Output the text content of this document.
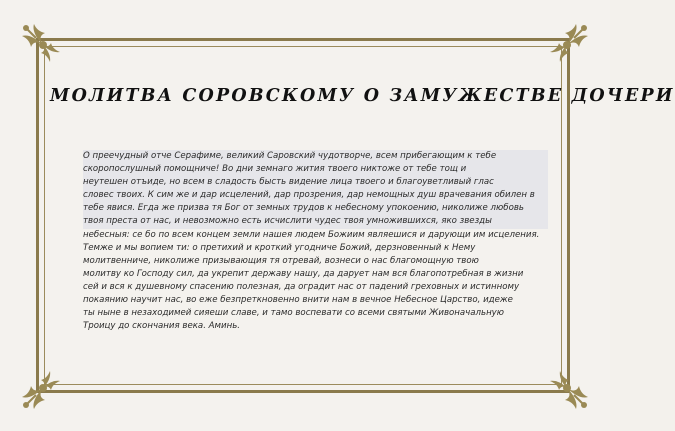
МОЛИТВА СОРОВСКОМУ О ЗАМУЖЕСТВЕ ДОЧЕРИ
О преечудный отче Серафиме, великий Саровский чудотворче, всем прибегающим к тебе
скоропослушный помощниче! Во дни земнаго жития твоего никтоже от тебе тощ и
неутешен отъиде, но всем в сладость бысть видение лица твоего и благоуветливый глас
словес твоих. К сим же и дар исцелений, дар прозрения, дар немощных душ врачевания обилен в
тебе явися. Егда же призва тя Бог от земных трудов к небесному упокоению, николиже любовь
твоя преста от нас, и невозможно есть исчислити чудес твоя умножившихся, яко звезды
небесныя: се бо по всем концем земли нашея людем Божиим являешися и дарующи им исцеления.
Темже и мы вопием ти: о претихий и кроткий угодниче Божий, дерзновенный к Нему
молитвенниче, николиже призывающия тя отревай, вознеси о нас благомощную твою
молитву ко Господу сил, да укрепит державу нашу, да дарует нам вся благопотребная в жизни
сей и вся к душевному спасению полезная, да оградит нас от падений греховных и истинному
покаянию научит нас, во еже безпреткновенно внити нам в вечное Небесное Царство, идеже
ты ныне в незаходимей сияеши славе, и тамо воспевати со всеми святыми Живоначальную
Троицу до скончания века. Аминь.
